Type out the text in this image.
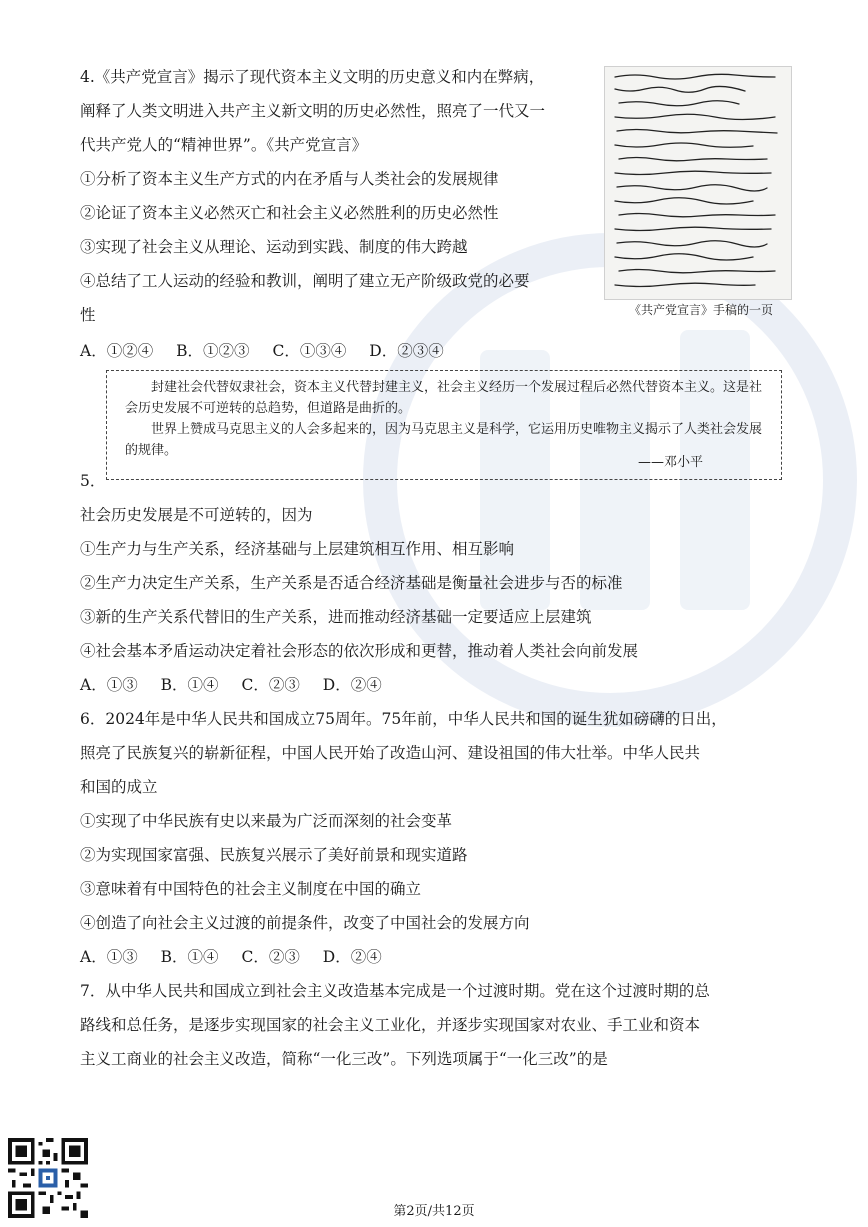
4.《共产党宣言》揭示了现代资本主义文明的历史意义和内在弊病，
阐释了人类文明进入共产主义新文明的历史必然性，照亮了一代又一
代共产党人的“精神世界”。《共产党宣言》
①分析了资本主义生产方式的内在矛盾与人类社会的发展规律
②论证了资本主义必然灭亡和社会主义必然胜利的历史必然性
③实现了社会主义从理论、运动到实践、制度的伟大跨越
④总结了工人运动的经验和教训，阐明了建立无产阶级政党的必要
性	《共产党宣言》手稿的一页
A．①②④ B．①②③ C．①③④ D．②③④

封建社会代替奴隶社会，资本主义代替封建主义，社会主义经历一个发展过程后必然代替资本主义。这是社会历史发展不可逆转的总趋势，但道路是曲折的。

世界上赞成马克思主义的人会多起来的，因为马克思主义是科学，它运用历史唯物主义揭示了人类社会发展的规律。

——邓小平

5．
社会历史发展是不可逆转的，因为
①生产力与生产关系，经济基础与上层建筑相互作用、相互影响
②生产力决定生产关系，生产关系是否适合经济基础是衡量社会进步与否的标准
③新的生产关系代替旧的生产关系，进而推动经济基础一定要适应上层建筑
④社会基本矛盾运动决定着社会形态的依次形成和更替，推动着人类社会向前发展
A．①③ B．①④ C．②③ D．②④
6．2024年是中华人民共和国成立75周年。75年前，中华人民共和国的诞生犹如磅礴的日出，
照亮了民族复兴的崭新征程，中国人民开始了改造山河、建设祖国的伟大壮举。中华人民共
和国的成立
①实现了中华民族有史以来最为广泛而深刻的社会变革
②为实现国家富强、民族复兴展示了美好前景和现实道路
③意味着有中国特色的社会主义制度在中国的确立
④创造了向社会主义过渡的前提条件，改变了中国社会的发展方向
A．①③ B．①④ C．②③ D．②④
7．从中华人民共和国成立到社会主义改造基本完成是一个过渡时期。党在这个过渡时期的总
路线和总任务，是逐步实现国家的社会主义工业化，并逐步实现国家对农业、手工业和资本
主义工商业的社会主义改造，简称“一化三改”。下列选项属于“一化三改”的是
第2页/共12页
